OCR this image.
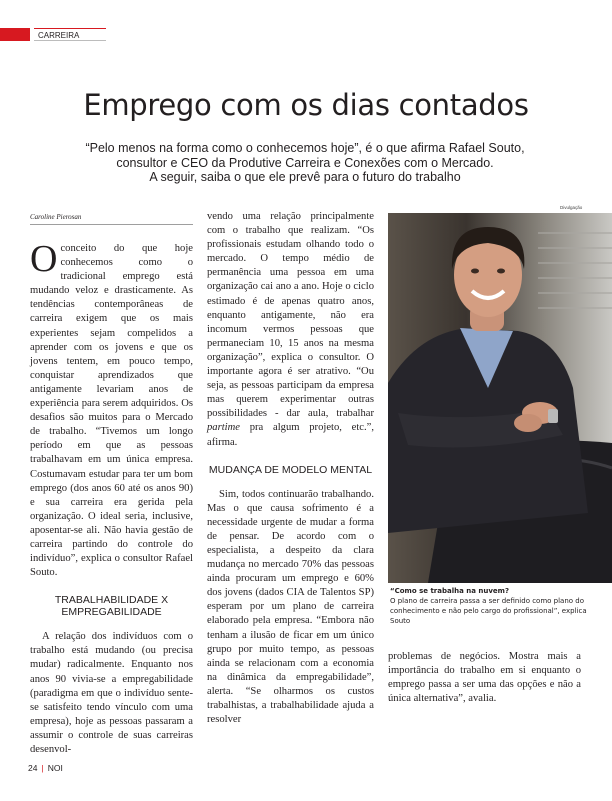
CARREIRA
Emprego com os dias contados
“Pelo menos na forma como o conhecemos hoje”, é o que afirma Rafael Souto,
consultor e CEO da Produtive Carreira e Conexões com o Mercado.
A seguir, saiba o que ele prevê para o futuro do trabalho
Caroline Pierosan

Oconceito do que hoje conhecemos como o tradicional emprego está mudando veloz e drasticamente. As tendências contemporâneas de carreira exigem que os mais experientes sejam compelidos a aprender com os jovens e que os jovens tentem, em pouco tempo, conquistar aprendizados que antigamente levariam anos de experiência para serem adquiridos. Os desafios são muitos para o Mercado de trabalho. “Tivemos um longo período em que as pessoas trabalhavam em um única empresa. Costumavam estudar para ter um bom emprego (dos anos 60 até os anos 90) e sua carreira era gerida pela organização. O ideal seria, inclusive, aposentar-se ali. Não havia gestão de carreira partindo do controle do indivíduo”, explica o consultor Rafael Souto.

TRABALHABILIDADE X EMPREGABILIDADE

A relação dos indivíduos com o trabalho está mudando (ou precisa mudar) radicalmente. Enquanto nos anos 90 vivia-se a empregabilidade (paradigma em que o indivíduo sente-se satisfeito tendo vínculo com uma empresa), hoje as pessoas passaram a assumir o controle de suas carreiras desenvol-

vendo uma relação principalmente com o trabalho que realizam. “Os profissionais estudam olhando todo o mercado. O tempo médio de permanência uma pessoa em uma organização cai ano a ano. Hoje o ciclo estimado é de apenas quatro anos, enquanto antigamente, não era incomum vermos pessoas que permaneciam 10, 15 anos na mesma organização”, explica o consultor. O importante agora é ser atrativo. “Ou seja, as pessoas participam da empresa mas querem experimentar outras possibilidades - dar aula, trabalhar partime pra algum projeto, etc.”, afirma.

MUDANÇA DE MODELO MENTAL

Sim, todos continuarão trabalhando. Mas o que causa sofrimento é a necessidade urgente de mudar a forma de pensar. De acordo com o especialista, a despeito da clara mudança no mercado 70% das pessoas ainda procuram um emprego e 60% dos jovens (dados CIA de Talentos SP) esperam por um plano de carreira elaborado pela empresa. “Embora não tenham a ilusão de ficar em um único grupo por muito tempo, as pessoas ainda se relacionam com a economia na dinâmica da empregabilidade”, alerta. “Se olharmos os custos trabalhistas, a trabalhabilidade ajuda a resolver

Divulgação
“Como se trabalha na nuvem?
O plano de carreira passa a ser definido como plano do conhecimento e não pelo cargo do profissional”, explica Souto

problemas de negócios. Mostra mais a importância do trabalho em si enquanto o emprego passa a ser uma das opções e não a única alternativa”, avalia.

24 | NOI
